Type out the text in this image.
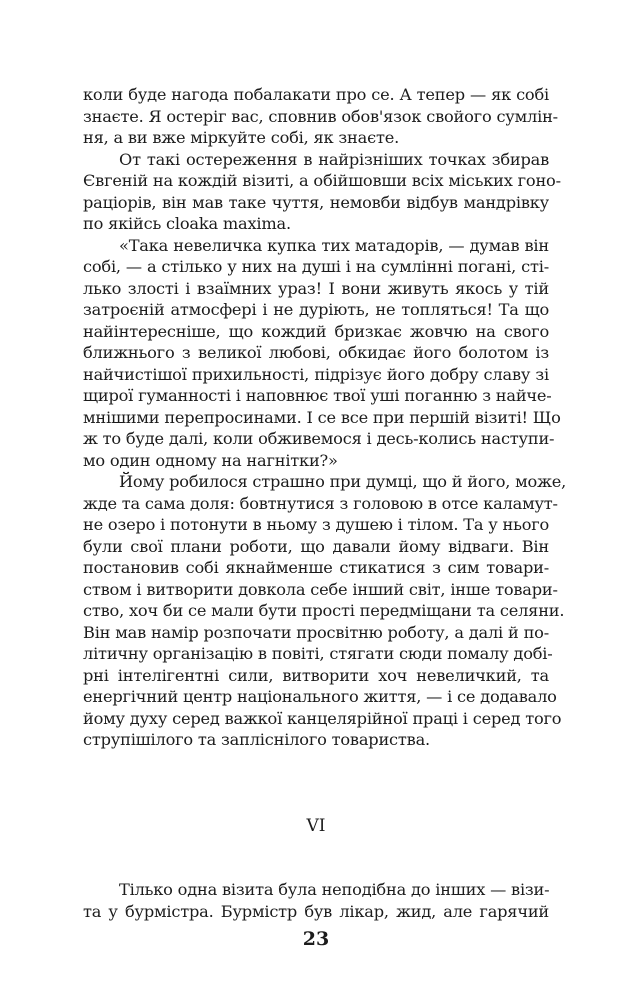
коли буде нагода побалакати про се. А тепер — як собі
знаєте. Я остеріг вас, сповнив обов'язок свойого сумлін-
ня, а ви вже міркуйте собі, як знаєте.
От такі остереження в найрізніших точках збирав
Євгеній на кождій візиті, а обійшовши всіх міських гоно-
раціорів, він мав таке чуття, немовби відбув мандрівку
по якійсь cloaka maxima.
«Така невеличка купка тих матадорів, — думав він
собі, — а стілько у них на душі і на сумлінні погані, сті-
лько злості і взаїмних ураз! І вони живуть якось у тій
затроєній атмосфері і не дуріють, не топляться! Та що
найінтересніше, що кождий бризкає жовчю на свого
ближнього з великої любові, обкидає його болотом із
найчистішої прихильності, підрізує його добру славу зі
щирої гуманності і наповнює твої уші поганню з найче-
мнішими перепросинами. І се все при першій візиті! Що
ж то буде далі, коли обживемося і десь-колись наступи-
мо один одному на нагнітки?»
Йому робилося страшно при думці, що й його, може,
жде та сама доля: бовтнутися з головою в отсе каламут-
не озеро і потонути в ньому з душею і тілом. Та у нього
були свої плани роботи, що давали йому відваги. Він
постановив собі якнайменше стикатися з сим товари-
ством і витворити довкола себе інший світ, інше товари-
ство, хоч би се мали бути прості передміщани та селяни.
Він мав намір розпочати просвітню роботу, а далі й по-
літичну організацію в повіті, стягати сюди помалу добі-
рні інтелігентні сили, витворити хоч невеличкий, та
енергічний центр національного життя, — і се додавало
йому духу серед важкої канцелярійної праці і серед того
струпішілого та запліснілого товариства.
VI
Тілько одна візита була неподібна до інших — візи-
та у бурмістра. Бурмістр був лікар, жид, але гарячий
23
